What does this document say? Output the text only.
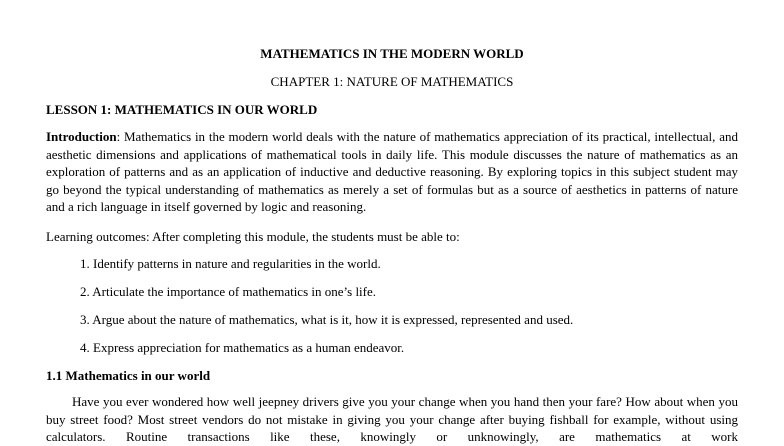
MATHEMATICS IN THE MODERN WORLD
CHAPTER 1: NATURE OF MATHEMATICS
LESSON 1: MATHEMATICS IN OUR WORLD

Introduction: Mathematics in the modern world deals with the nature of mathematics appreciation of its practical, intellectual, and aesthetic dimensions and applications of mathematical tools in daily life. This module discusses the nature of mathematics as an exploration of patterns and as an application of inductive and deductive reasoning. By exploring topics in this subject student may go beyond the typical understanding of mathematics as merely a set of formulas but as a source of aesthetics in patterns of nature and a rich language in itself governed by logic and reasoning.

Learning outcomes: After completing this module, the students must be able to:
1. Identify patterns in nature and regularities in the world.
2. Articulate the importance of mathematics in one’s life.
3. Argue about the nature of mathematics, what is it, how it is expressed, represented and used.
4. Express appreciation for mathematics as a human endeavor.
1.1 Mathematics in our world

Have you ever wondered how well jeepney drivers give you your change when you hand then your fare? How about when you buy street food? Most street vendors do not mistake in giving you your change after buying fishball for example, without using calculators. Routine transactions like these, knowingly or unknowingly, are mathematics at work
